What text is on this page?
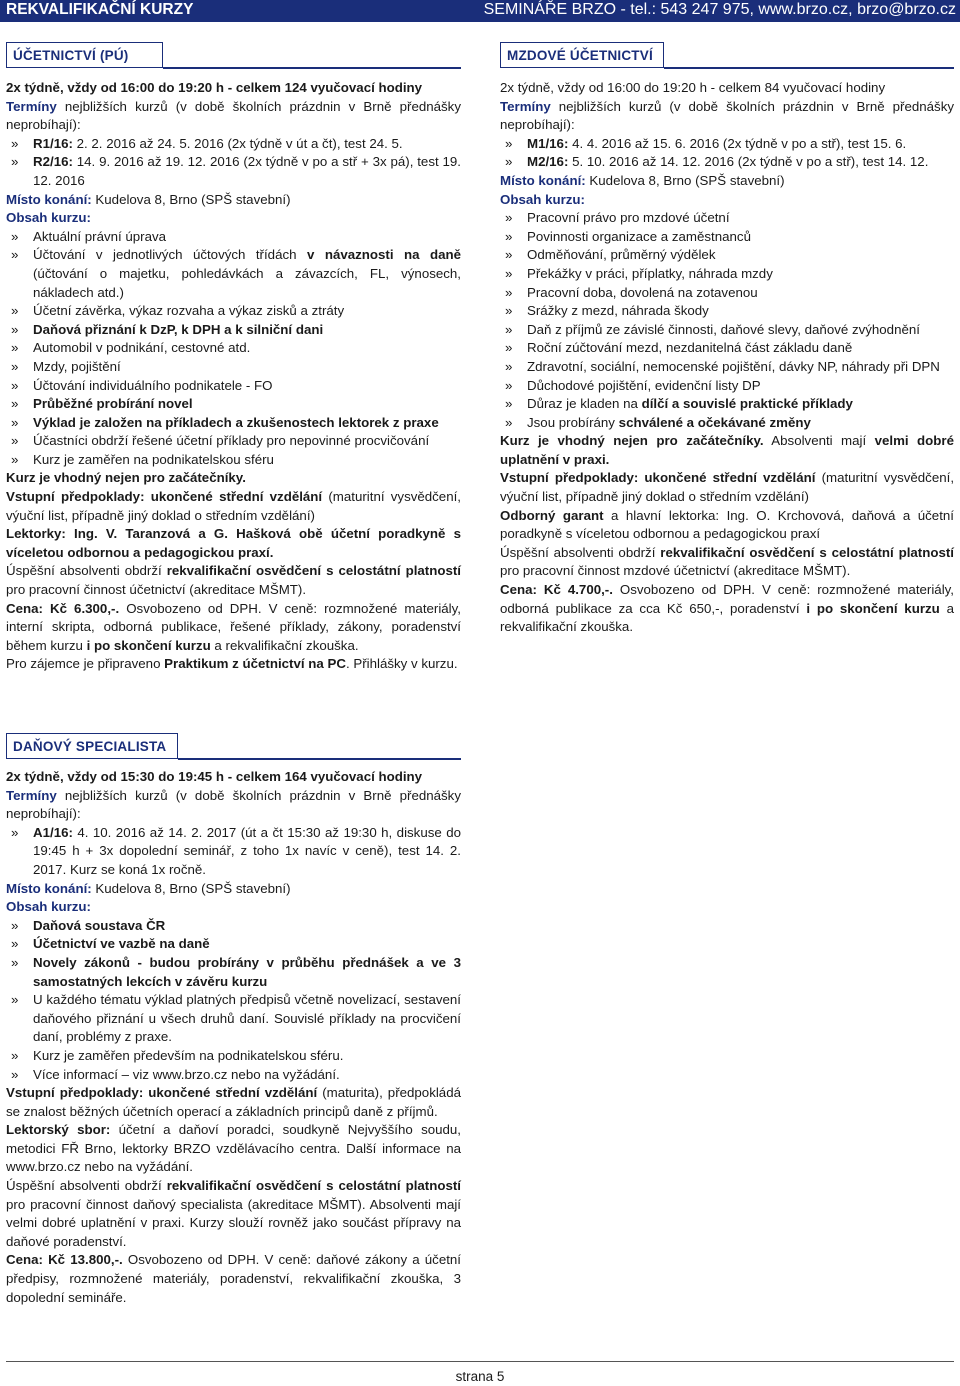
REKVALIFIKAČNÍ KURZY	SEMINÁŘE BRZO - tel.: 543 247 975, www.brzo.cz, brzo@brzo.cz
ÚČETNICTVÍ (PÚ)

2x týdně, vždy od 16:00 do 19:20 h - celkem 124 vyučovací hodiny

Termíny nejbližších kurzů (v době školních prázdnin v Brně přednášky neprobíhají):

» R1/16: 2. 2. 2016 až 24. 5. 2016 (2x týdně v út a čt), test 24. 5.
» R2/16: 14. 9. 2016 až 19. 12. 2016 (2x týdně v po a stř + 3x pá), test 19. 12. 2016

Místo konání: Kudelova 8, Brno (SPŠ stavební)

Obsah kurzu:

» Aktuální právní úprava
» Účtování v jednotlivých účtových třídách v návaznosti na daně (účtování o majetku, pohledávkách a závazcích, FL, výnosech, nákladech atd.)
» Účetní závěrka, výkaz rozvaha a výkaz zisků a ztráty
» Daňová přiznání k DzP, k DPH a k silniční dani
» Automobil v podnikání, cestovné atd.
» Mzdy, pojištění
» Účtování individuálního podnikatele - FO
» Průběžné probírání novel
» Výklad je založen na příkladech a zkušenostech lektorek z praxe
» Účastníci obdrží řešené účetní příklady pro nepovinné procvičování
» Kurz je zaměřen na podnikatelskou sféru

Kurz je vhodný nejen pro začátečníky.

Vstupní předpoklady: ukončené střední vzdělání (maturitní vysvědčení, výuční list, případně jiný doklad o středním vzdělání)

Lektorky: Ing. V. Taranzová a G. Hašková obě účetní poradkyně s víceletou odbornou a pedagogickou praxí.

Úspěšní absolventi obdrží rekvalifikační osvědčení s celostátní platností pro pracovní činnost účetnictví (akreditace MŠMT).

Cena: Kč 6.300,-. Osvobozeno od DPH. V ceně: rozmnožené materiály, interní skripta, odborná publikace, řešené příklady, zákony, poradenství během kurzu i po skončení kurzu a rekvalifikační zkouška.

Pro zájemce je připraveno Praktikum z účetnictví na PC. Přihlášky v kurzu.

MZDOVÉ ÚČETNICTVÍ

2x týdně, vždy od 16:00 do 19:20 h - celkem 84 vyučovací hodiny

Termíny nejbližších kurzů (v době školních prázdnin v Brně přednášky neprobíhají):

» M1/16: 4. 4. 2016 až 15. 6. 2016 (2x týdně v po a stř), test 15. 6.
» M2/16: 5. 10. 2016 až 14. 12. 2016 (2x týdně v po a stř), test 14. 12.

Místo konání: Kudelova 8, Brno (SPŠ stavební)

Obsah kurzu:

» Pracovní právo pro mzdové účetní
» Povinnosti organizace a zaměstnanců
» Odměňování, průměrný výdělek
» Překážky v práci, příplatky, náhrada mzdy
» Pracovní doba, dovolená na zotavenou
» Srážky z mezd, náhrada škody
» Daň z příjmů ze závislé činnosti, daňové slevy, daňové zvýhodnění
» Roční zúčtování mezd, nezdanitelná část základu daně
» Zdravotní, sociální, nemocenské pojištění, dávky NP, náhrady při DPN
» Důchodové pojištění, evidenční listy DP
» Důraz je kladen na dílčí a souvislé praktické příklady
» Jsou probírány schválené a očekávané změny

Kurz je vhodný nejen pro začátečníky. Absolventi mají velmi dobré uplatnění v praxi.

Vstupní předpoklady: ukončené střední vzdělání (maturitní vysvědčení, výuční list, případně jiný doklad o středním vzdělání)

Odborný garant a hlavní lektorka: Ing. O. Krchovová, daňová a účetní poradkyně s víceletou odbornou a pedagogickou praxí

Úspěšní absolventi obdrží rekvalifikační osvědčení s celostátní platností pro pracovní činnost mzdové účetnictví (akreditace MŠMT).

Cena: Kč 4.700,-. Osvobozeno od DPH. V ceně: rozmnožené materiály, odborná publikace za cca Kč 650,-, poradenství i po skončení kurzu a rekvalifikační zkouška.

DAŇOVÝ SPECIALISTA

2x týdně, vždy od 15:30 do 19:45 h - celkem 164 vyučovací hodiny

Termíny nejbližších kurzů (v době školních prázdnin v Brně přednášky neprobíhají):

» A1/16: 4. 10. 2016 až 14. 2. 2017 (út a čt 15:30 až 19:30 h, diskuse do 19:45 h + 3x dopolední seminář, z toho 1x navíc v ceně), test 14. 2. 2017. Kurz se koná 1x ročně.

Místo konání: Kudelova 8, Brno (SPŠ stavební)

Obsah kurzu:

» Daňová soustava ČR
» Účetnictví ve vazbě na daně
» Novely zákonů - budou probírány v průběhu přednášek a ve 3 samostatných lekcích v závěru kurzu
» U každého tématu výklad platných předpisů včetně novelizací, sestavení daňového přiznání u všech druhů daní. Souvislé příklady na procvičení daní, problémy z praxe.
» Kurz je zaměřen především na podnikatelskou sféru.
» Více informací – viz www.brzo.cz nebo na vyžádání.

Vstupní předpoklady: ukončené střední vzdělání (maturita), předpokládá se znalost běžných účetních operací a základních principů daně z příjmů.

Lektorský sbor: účetní a daňoví poradci, soudkyně Nejvyššího soudu, metodici FŘ Brno, lektorky BRZO vzdělávacího centra. Další informace na www.brzo.cz nebo na vyžádání.

Úspěšní absolventi obdrží rekvalifikační osvědčení s celostátní platností pro pracovní činnost daňový specialista (akreditace MŠMT). Absolventi mají velmi dobré uplatnění v praxi. Kurzy slouží rovněž jako součást přípravy na daňové poradenství.

Cena: Kč 13.800,-. Osvobozeno od DPH. V ceně: daňové zákony a účetní předpisy, rozmnožené materiály, poradenství, rekvalifikační zkouška, 3 dopolední semináře.

strana 5
